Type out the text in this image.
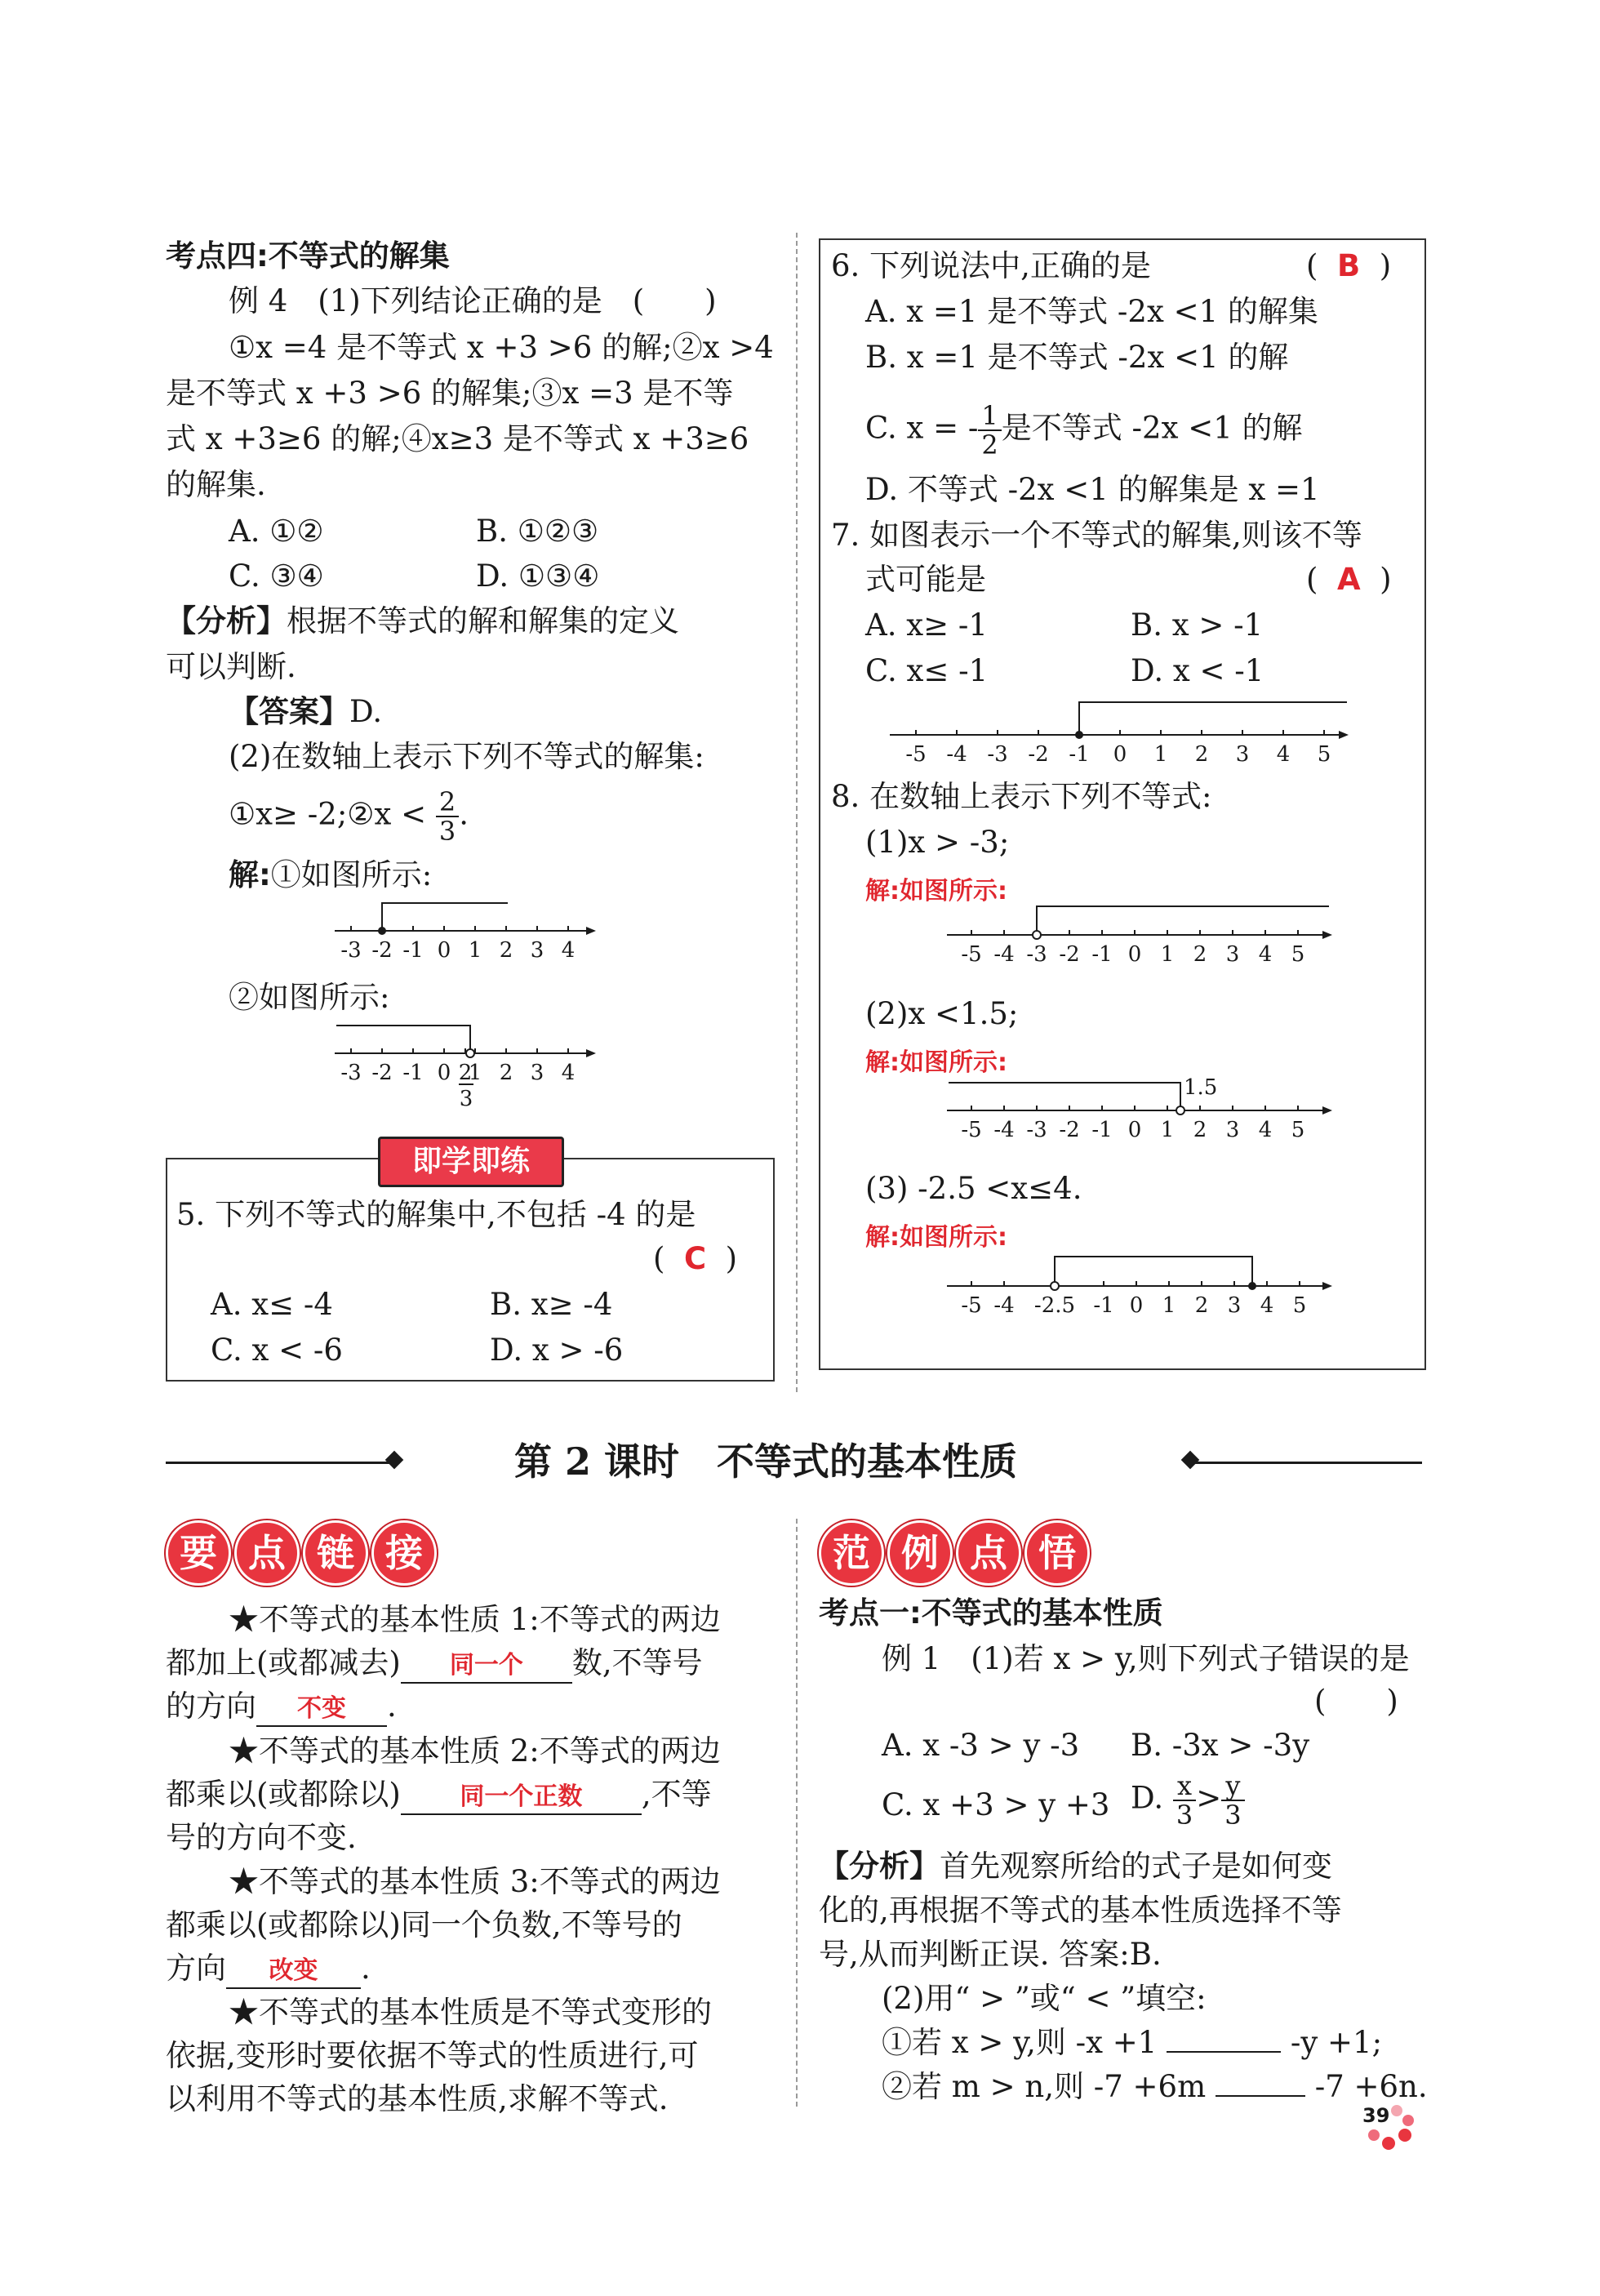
考点四:不等式的解集
例 4　(1)下列结论正确的是　(　　)
①x =4 是不等式 x +3 >6 的解;②x >4
是不等式 x +3 >6 的解集;③x =3 是不等
式 x +3≥6 的解;④x≥3 是不等式 x +3≥6
的解集.
A. ①②	B. ①②③
C. ③④	D. ①③④
【分析】根据不等式的解和解集的定义
可以判断.
【答案】D.
(2)在数轴上表示下列不等式的解集:
①x≥ -2;②x < $\frac{2}{3}$ .
解:①如图所示:
-3 -2 -1 0 1 2 3 4
②如图所示:
-3 -2 -1 0 2
1 2 3 4
3
即学即练
5. 下列不等式的解集中,不包括 -4 的是
( C )
A. x≤ -4	B. x≥ -4
C. x < -6	D. x > -6
6. 下列说法中,正确的是	( B )
A. x =1 是不等式 -2x <1 的解集
B. x =1 是不等式 -2x <1 的解
C. x = - $\frac{1}{2}$ 是不等式 -2x <1 的解
D. 不等式 -2x <1 的解集是 x =1
7. 如图表示一个不等式的解集,则该不等
式可能是	( A )
A. x≥ -1	B. x > -1
C. x≤ -1	D. x < -1
-5 -4 -3 -2 -1 0 1 2 3 4 5
8. 在数轴上表示下列不等式:
(1)x > -3;
解:如图所示:
-5 -4 -3 -2 -1 0 1 2 3 4 5
(2)x <1.5;
解:如图所示:
1.5
-5 -4 -3 -2 -1 0 1 2 3 4 5
(3) -2.5 <x≤4.
解:如图所示:
-5 -4 -2.5 -1 0 1 2 3 4 5
第 2 课时　不等式的基本性质
要 点 链 接
★不等式的基本性质 1:不等式的两边
都加上(或都减去) 同一个 数,不等号
的方向 不变 .
★不等式的基本性质 2:不等式的两边
都乘以(或都除以) 同一个正数 ,不等
号的方向不变.
★不等式的基本性质 3:不等式的两边
都乘以(或都除以)同一个负数,不等号的
方向 改变 .
★不等式的基本性质是不等式变形的
依据,变形时要依据不等式的性质进行,可
以利用不等式的基本性质,求解不等式.
范 例 点 悟
考点一:不等式的基本性质
例 1　(1)若 x > y,则下列式子错误的是
(　　)
A. x -3 > y -3 B. -3x > -3y
C. x +3 > y +3 D. $\frac{x}{3} > \frac{y}{3}$
【分析】首先观察所给的式子是如何变
化的,再根据不等式的基本性质选择不等
号,从而判断正误. 答案:B.
(2)用“ > ”或“ < ”填空:
①若 x > y,则 -x +1	-y +1;
②若 m > n,则 -7 +6m	-7 +6n.
39
